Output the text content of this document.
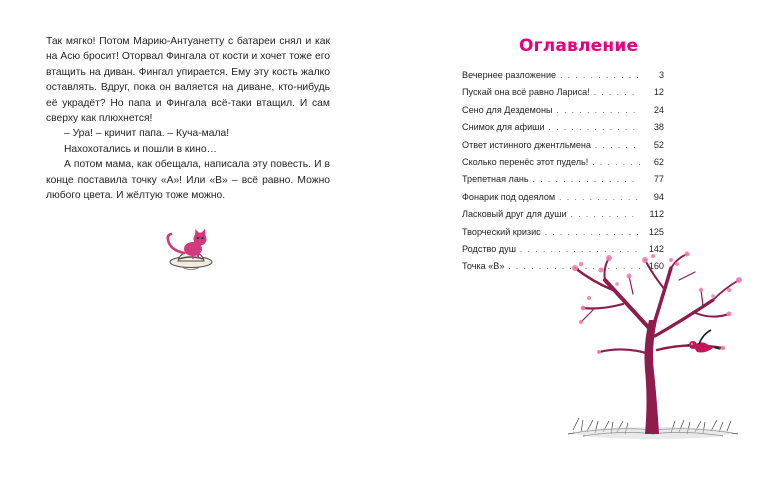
Так мягко! Потом Марию-Антуанетту с батареи снял и как на Асю бросит! Оторвал Фингала от кости и хочет тоже его втащить на диван. Фингал упирается. Ему эту кость жалко оставлять. Вдруг, пока он валяется на диване, кто-нибудь её украдёт? Но папа и Фингала всё-таки втащил. И сам сверху как плюхнется!

– Ура! – кричит папа. – Куча-мала!

Нахохотались и пошли в кино…

А потом мама, как обещала, написала эту повесть. И в конце поставила точку «А»! Или «В» – всё равно. Можно любого цвета. И жёлтую тоже можно.

Оглавление
Вечернее разложение . . .	3
Пускай она всё равно Лариса! . . .	12
Сено для Дездемоны . . .	24
Снимок для афиши . . .	38
Ответ истинного джентльмена . . .	52
Сколько перенёс этот пудель! . . .	62
Трепетная лань . . .	77
Фонарик под одеялом . . .	94
Ласковый друг для души . . .	112
Творческий кризис . . .	125
Родство душ . . .	142
Точка «В» . . .	160
